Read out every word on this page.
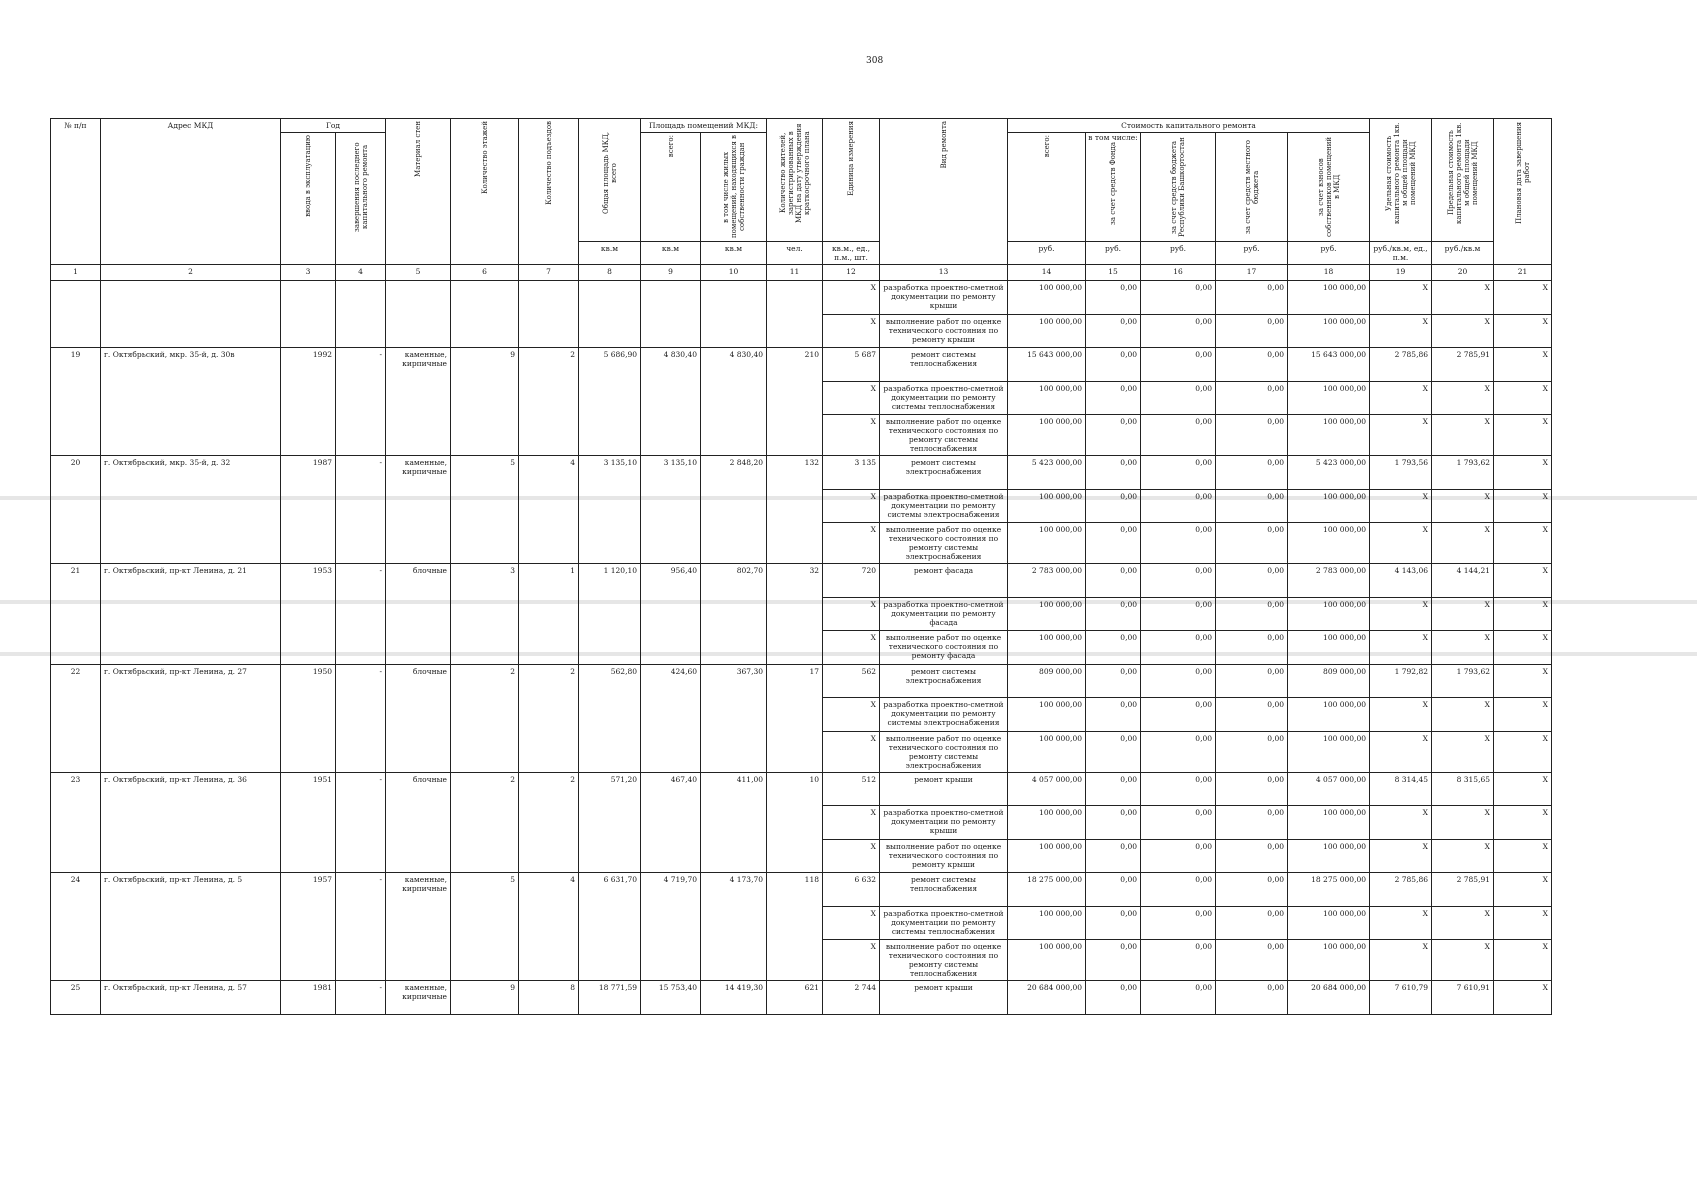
308
№ п/п	Адрес МКД	Год		Материал стен	Количество этажей	Количество подъездов	Общая площадь МКД, всего	Площадь помещений МКД:		Количество жителей, зарегистрированных в МКД на дату утверждения краткосрочного плана	Единица измерения	Вид ремонта	Стоимость капитального ремонта					Удельная стоимость капитального ремонта 1кв. м общей площади помещений МКД	Предельная стоимость капитального ремонта 1кв. м общей площади помещений МКД	Плановая дата завершения работ

		ввода в эксплуатацию	завершения последнего капитального ремонта					всего:	в том числе жилых помещений, находящихся в собственности граждан				всего:	в том числе:
за счет средств Фонда	за счет средств бюджета Республики Башкортостан	за счет средств местного бюджета	за счет взносов собственников помещений в МКД			

							кв.м	кв.м	кв.м	чел.	кв.м., ед., п.м., шт.		руб.	руб.	руб.	руб.	руб.	руб./кв.м, ед., п.м.	руб./кв.м	
1	2	3	4	5	6	7	8	9	10	11	12	13	14	15	16	17	18	19	20	21
											X	разработка проектно-сметной документации по ремонту крыши	100 000,00	0,00	0,00	0,00	100 000,00	X	X	X
											X	выполнение работ по оценке технического состояния по ремонту крыши	100 000,00	0,00	0,00	0,00	100 000,00	X	X	X
19	г. Октябрьский, мкр. 35-й, д. 30в	1992	-	каменные, кирпичные	9	2	5 686,90	4 830,40	4 830,40	210	5 687	ремонт системы теплоснабжения	15 643 000,00	0,00	0,00	0,00	15 643 000,00	2 785,86	2 785,91	X
											X	разработка проектно-сметной документации по ремонту системы теплоснабжения	100 000,00	0,00	0,00	0,00	100 000,00	X	X	X
											X	выполнение работ по оценке технического состояния по ремонту системы теплоснабжения	100 000,00	0,00	0,00	0,00	100 000,00	X	X	X
20	г. Октябрьский, мкр. 35-й, д. 32	1987	-	каменные, кирпичные	5	4	3 135,10	3 135,10	2 848,20	132	3 135	ремонт системы электроснабжения	5 423 000,00	0,00	0,00	0,00	5 423 000,00	1 793,56	1 793,62	X
											X	разработка проектно-сметной документации по ремонту системы электроснабжения	100 000,00	0,00	0,00	0,00	100 000,00	X	X	X
											X	выполнение работ по оценке технического состояния по ремонту системы электроснабжения	100 000,00	0,00	0,00	0,00	100 000,00	X	X	X
21	г. Октябрьский, пр-кт Ленина, д. 21	1953	-	блочные	3	1	1 120,10	956,40	802,70	32	720	ремонт фасада	2 783 000,00	0,00	0,00	0,00	2 783 000,00	4 143,06	4 144,21	X
											X	разработка проектно-сметной документации по ремонту фасада	100 000,00	0,00	0,00	0,00	100 000,00	X	X	X
											X	выполнение работ по оценке технического состояния по ремонту фасада	100 000,00	0,00	0,00	0,00	100 000,00	X	X	X
22	г. Октябрьский, пр-кт Ленина, д. 27	1950	-	блочные	2	2	562,80	424,60	367,30	17	562	ремонт системы электроснабжения	809 000,00	0,00	0,00	0,00	809 000,00	1 792,82	1 793,62	X
											X	разработка проектно-сметной документации по ремонту системы электроснабжения	100 000,00	0,00	0,00	0,00	100 000,00	X	X	X
											X	выполнение работ по оценке технического состояния по ремонту системы электроснабжения	100 000,00	0,00	0,00	0,00	100 000,00	X	X	X
23	г. Октябрьский, пр-кт Ленина, д. 36	1951	-	блочные	2	2	571,20	467,40	411,00	10	512	ремонт крыши	4 057 000,00	0,00	0,00	0,00	4 057 000,00	8 314,45	8 315,65	X
											X	разработка проектно-сметной документации по ремонту крыши	100 000,00	0,00	0,00	0,00	100 000,00	X	X	X
											X	выполнение работ по оценке технического состояния по ремонту крыши	100 000,00	0,00	0,00	0,00	100 000,00	X	X	X
24	г. Октябрьский, пр-кт Ленина, д. 5	1957	-	каменные, кирпичные	5	4	6 631,70	4 719,70	4 173,70	118	6 632	ремонт системы теплоснабжения	18 275 000,00	0,00	0,00	0,00	18 275 000,00	2 785,86	2 785,91	X
											X	разработка проектно-сметной документации по ремонту системы теплоснабжения	100 000,00	0,00	0,00	0,00	100 000,00	X	X	X
											X	выполнение работ по оценке технического состояния по ремонту системы теплоснабжения	100 000,00	0,00	0,00	0,00	100 000,00	X	X	X
25	г. Октябрьский, пр-кт Ленина, д. 57	1981	-	каменные, кирпичные	9	8	18 771,59	15 753,40	14 419,30	621	2 744	ремонт крыши	20 684 000,00	0,00	0,00	0,00	20 684 000,00	7 610,79	7 610,91	X
